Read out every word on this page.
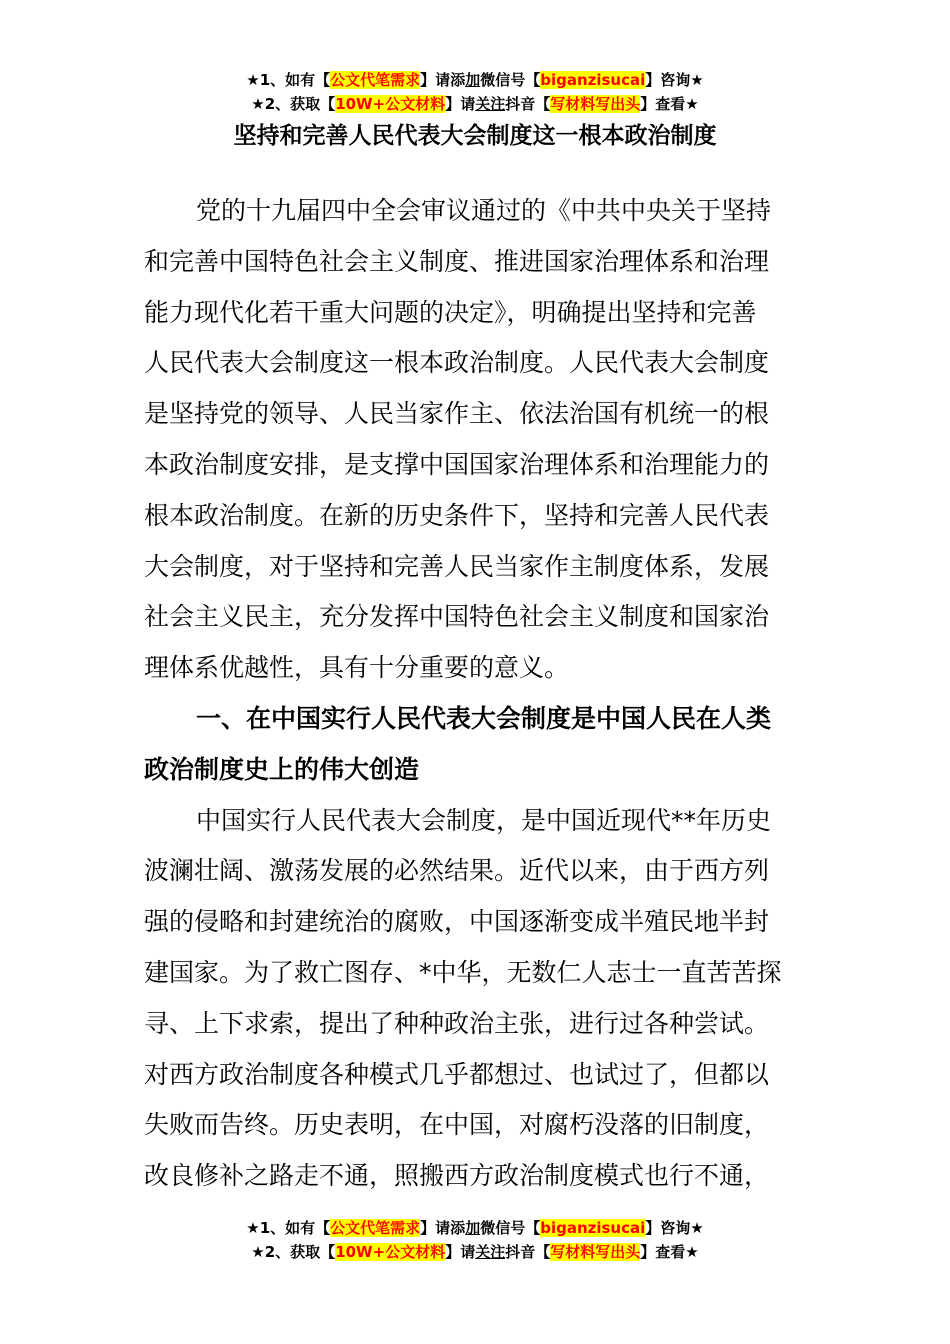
★1、如有【公文代笔需求】请添加微信号【biganzisucai】咨询★
★2、获取【10W+公文材料】请关注抖音【写材料写出头】查看★
坚持和完善人民代表大会制度这一根本政治制度
党的十九届四中全会审议通过的《中共中央关于坚持
和完善中国特色社会主义制度、推进国家治理体系和治理
能力现代化若干重大问题的决定》，明确提出坚持和完善
人民代表大会制度这一根本政治制度。人民代表大会制度
是坚持党的领导、人民当家作主、依法治国有机统一的根
本政治制度安排，是支撑中国国家治理体系和治理能力的
根本政治制度。在新的历史条件下，坚持和完善人民代表
大会制度，对于坚持和完善人民当家作主制度体系，发展
社会主义民主，充分发挥中国特色社会主义制度和国家治
理体系优越性，具有十分重要的意义。
一、在中国实行人民代表大会制度是中国人民在人类
政治制度史上的伟大创造
中国实行人民代表大会制度，是中国近现代**年历史
波澜壮阔、激荡发展的必然结果。近代以来，由于西方列
强的侵略和封建统治的腐败，中国逐渐变成半殖民地半封
建国家。为了救亡图存、*中华，无数仁人志士一直苦苦探
寻、上下求索，提出了种种政治主张，进行过各种尝试。
对西方政治制度各种模式几乎都想过、也试过了，但都以
失败而告终。历史表明，在中国，对腐朽没落的旧制度，
改良修补之路走不通，照搬西方政治制度模式也行不通，
★1、如有【公文代笔需求】请添加微信号【biganzisucai】咨询★
★2、获取【10W+公文材料】请关注抖音【写材料写出头】查看★
